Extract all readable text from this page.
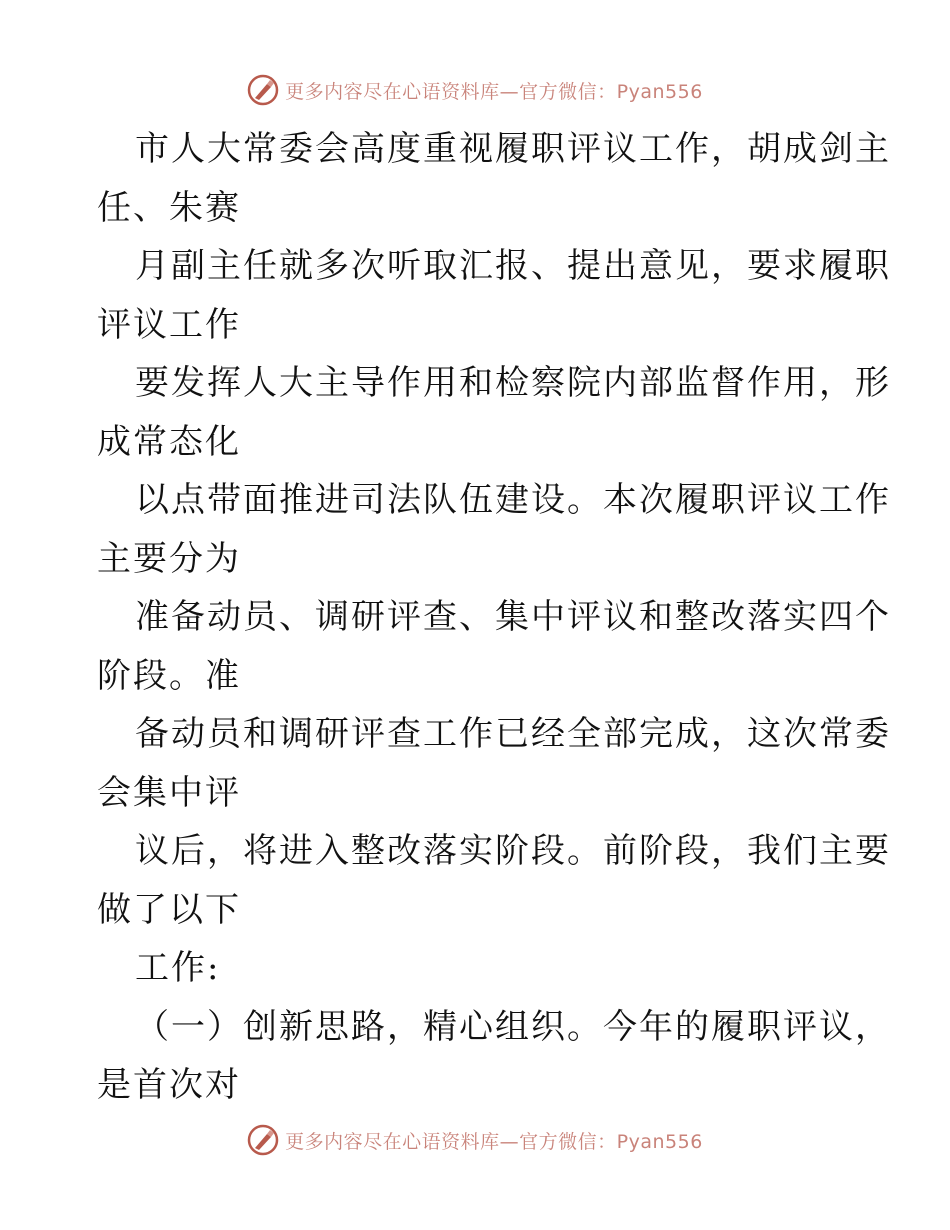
更多内容尽在心语资料库—官方微信：Pyan556
市人大常委会高度重视履职评议工作，胡成剑主
任、朱赛
月副主任就多次听取汇报、提出意见，要求履职
评议工作
要发挥人大主导作用和检察院内部监督作用，形
成常态化
以点带面推进司法队伍建设。本次履职评议工作
主要分为
准备动员、调研评查、集中评议和整改落实四个
阶段。准
备动员和调研评查工作已经全部完成，这次常委
会集中评
议后，将进入整改落实阶段。前阶段，我们主要
做了以下
工作:
（一）创新思路，精心组织。今年的履职评议，
是首次对
更多内容尽在心语资料库—官方微信：Pyan556
